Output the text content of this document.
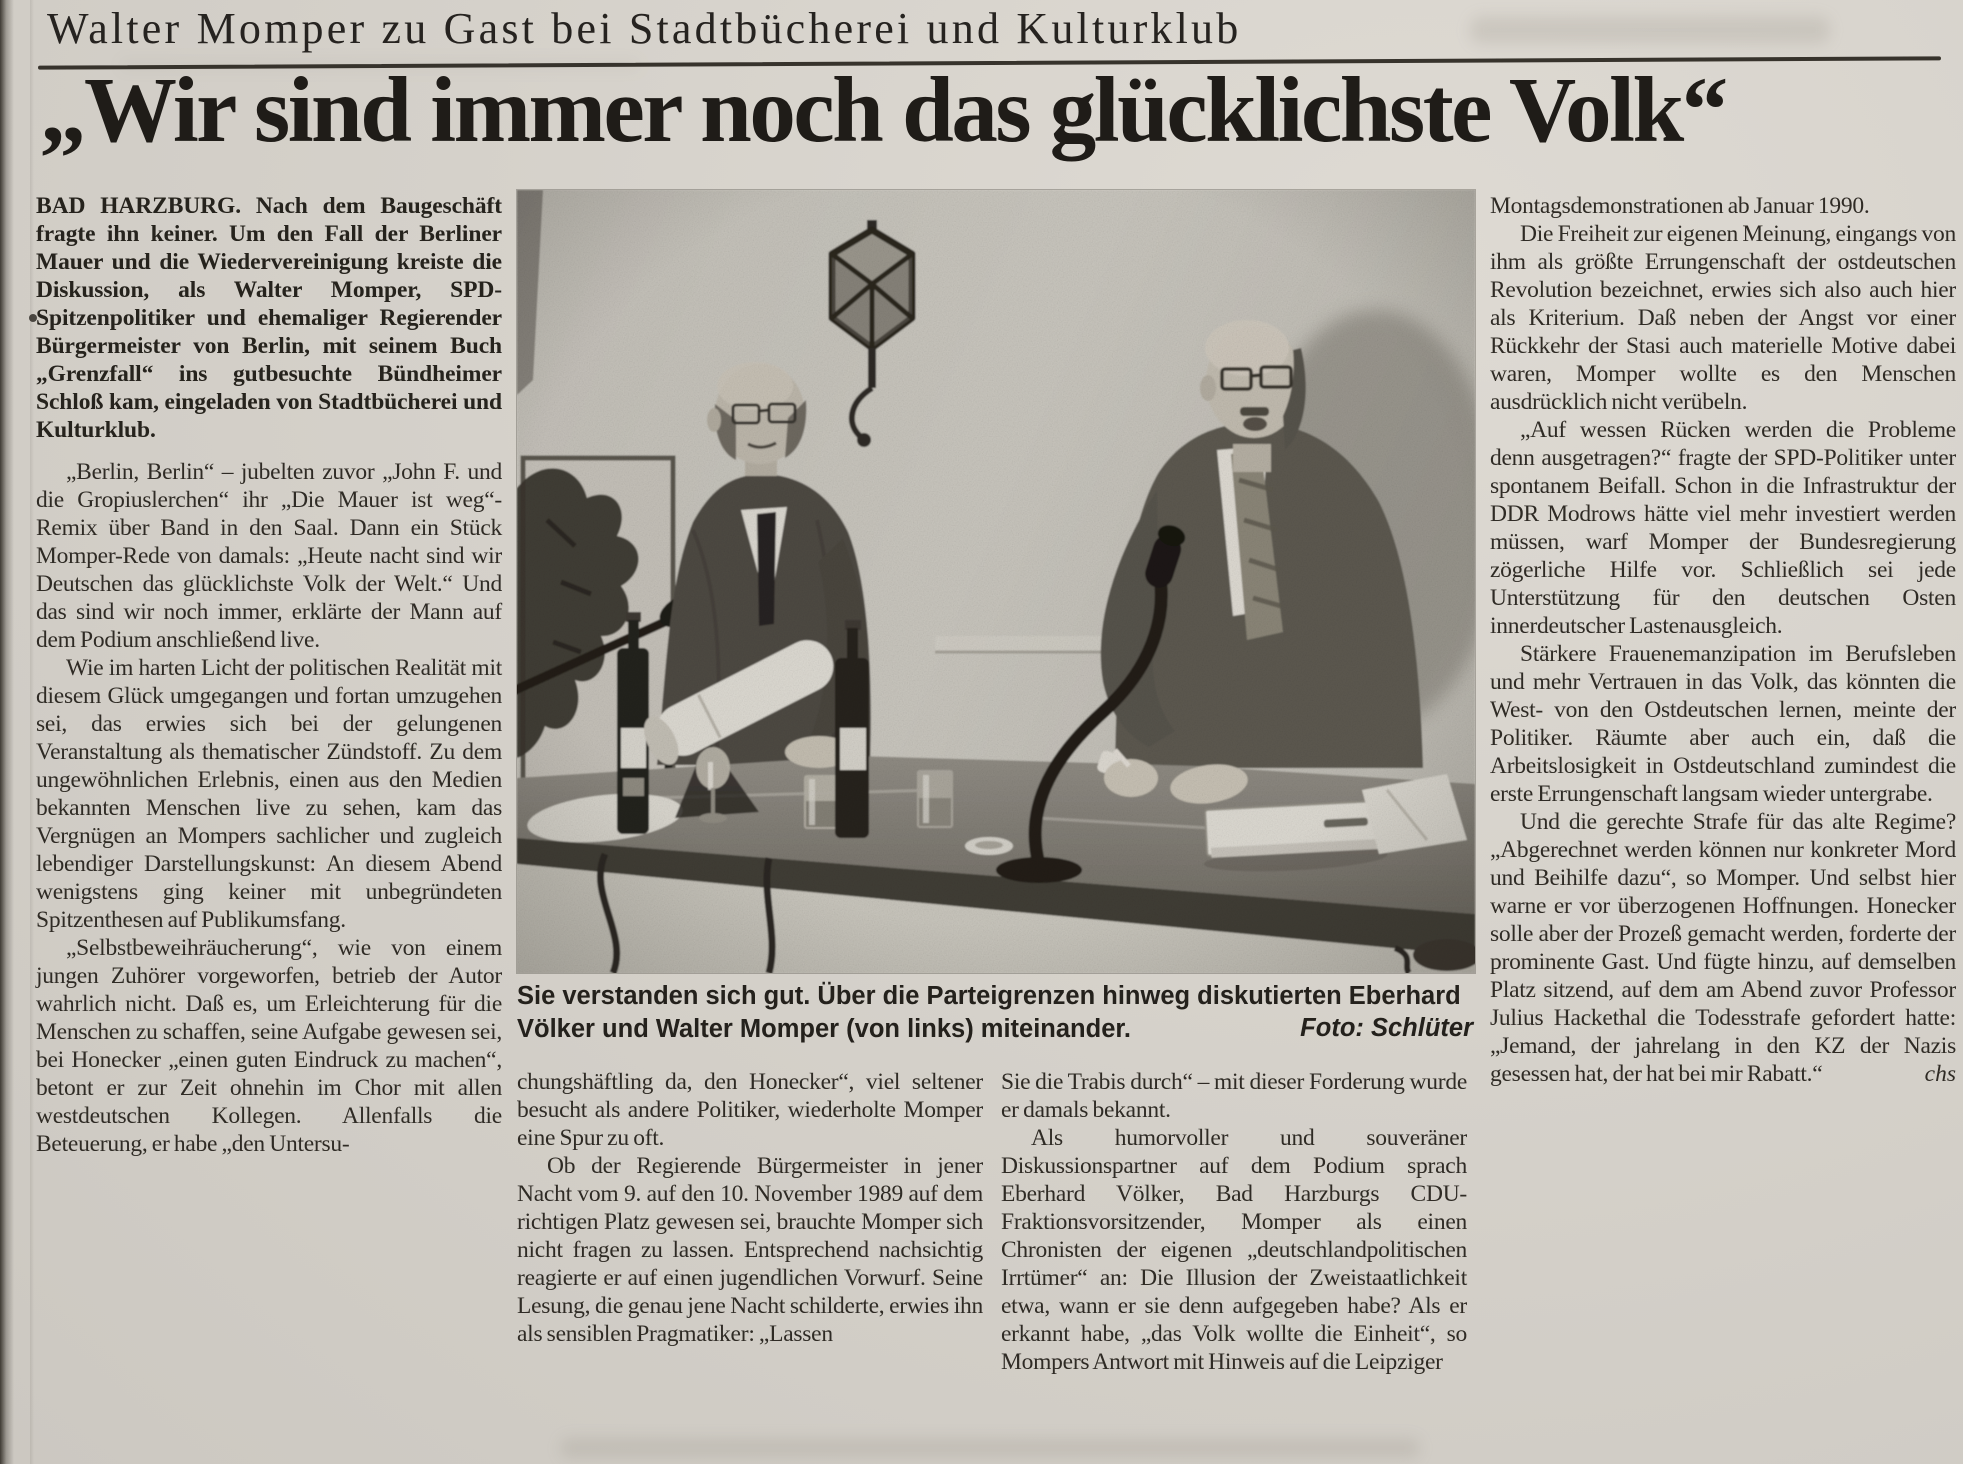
Walter Momper zu Gast bei Stadtbücherei und Kulturklub
„Wir sind immer noch das glücklichste Volk“

BAD HARZBURG. Nach dem Baugeschäft fragte ihn keiner. Um den Fall der Berliner Mauer und die Wiedervereinigung kreiste die Diskussion, als Walter Momper, SPD-Spitzenpolitiker und ehemaliger Regierender Bürgermeister von Berlin, mit seinem Buch „Grenzfall“ ins gutbesuchte Bündheimer Schloß kam, eingeladen von Stadtbücherei und Kulturklub.

„Berlin, Berlin“ – jubelten zuvor „John F. und die Gropiuslerchen“ ihr „Die Mauer ist weg“-Remix über Band in den Saal. Dann ein Stück Momper-Rede von damals: „Heute nacht sind wir Deutschen das glücklichste Volk der Welt.“ Und das sind wir noch immer, erklärte der Mann auf dem Podium anschließend live.

Wie im harten Licht der politischen Realität mit diesem Glück umgegangen und fortan umzugehen sei, das erwies sich bei der gelungenen Veranstaltung als thematischer Zündstoff. Zu dem ungewöhnlichen Erlebnis, einen aus den Medien bekannten Menschen live zu sehen, kam das Vergnügen an Mompers sachlicher und zugleich lebendiger Darstellungskunst: An diesem Abend wenigstens ging keiner mit unbegründeten Spitzenthesen auf Publikumsfang.

„Selbstbeweihräucherung“, wie von einem jungen Zuhörer vorgeworfen, betrieb der Autor wahrlich nicht. Daß es, um Erleichterung für die Menschen zu schaffen, seine Aufgabe gewesen sei, bei Honecker „einen guten Eindruck zu machen“, betont er zur Zeit ohnehin im Chor mit allen westdeutschen Kollegen. Allenfalls die Beteuerung, er habe „den Untersu-

Sie verstanden sich gut. Über die Parteigrenzen hinweg diskutierten Eberhard Völker und Walter Momper (von links) miteinander.	Foto: Schlüter

chungshäftling da, den Honecker“, viel seltener besucht als andere Politiker, wiederholte Momper eine Spur zu oft.

Ob der Regierende Bürgermeister in jener Nacht vom 9. auf den 10. November 1989 auf dem richtigen Platz gewesen sei, brauchte Momper sich nicht fragen zu lassen. Entsprechend nachsichtig reagierte er auf einen jugendlichen Vorwurf. Seine Lesung, die genau jene Nacht schilderte, erwies ihn als sensiblen Pragmatiker: „Lassen

Sie die Trabis durch“ – mit dieser Forderung wurde er damals bekannt.

Als humorvoller und souveräner Diskussionspartner auf dem Podium sprach Eberhard Völker, Bad Harzburgs CDU-Fraktionsvorsitzender, Momper als einen Chronisten der eigenen „deutschlandpolitischen Irrtümer“ an: Die Illusion der Zweistaatlichkeit etwa, wann er sie denn aufgegeben habe? Als er erkannt habe, „das Volk wollte die Einheit“, so Mompers Antwort mit Hinweis auf die Leipziger

Montagsdemonstrationen ab Januar 1990.

Die Freiheit zur eigenen Meinung, eingangs von ihm als größte Errungenschaft der ostdeutschen Revolution bezeichnet, erwies sich also auch hier als Kriterium. Daß neben der Angst vor einer Rückkehr der Stasi auch materielle Motive dabei waren, Momper wollte es den Menschen ausdrücklich nicht verübeln.

„Auf wessen Rücken werden die Probleme denn ausgetragen?“ fragte der SPD-Politiker unter spontanem Beifall. Schon in die Infrastruktur der DDR Modrows hätte viel mehr investiert werden müssen, warf Momper der Bundesregierung zögerliche Hilfe vor. Schließlich sei jede Unterstützung für den deutschen Osten innerdeutscher Lastenausgleich.

Stärkere Frauenemanzipation im Berufsleben und mehr Vertrauen in das Volk, das könnten die West- von den Ostdeutschen lernen, meinte der Politiker. Räumte aber auch ein, daß die Arbeitslosigkeit in Ostdeutschland zumindest die erste Errungenschaft langsam wieder untergrabe.

Und die gerechte Strafe für das alte Regime? „Abgerechnet werden können nur konkreter Mord und Beihilfe dazu“, so Momper. Und selbst hier warne er vor überzogenen Hoffnungen. Honecker solle aber der Prozeß gemacht werden, forderte der prominente Gast. Und fügte hinzu, auf demselben Platz sitzend, auf dem am Abend zuvor Professor Julius Hackethal die Todesstrafe gefordert hatte: „Jemand, der jahrelang in den KZ der Nazis gesessen hat, der hat bei mir Rabatt.“	chs
